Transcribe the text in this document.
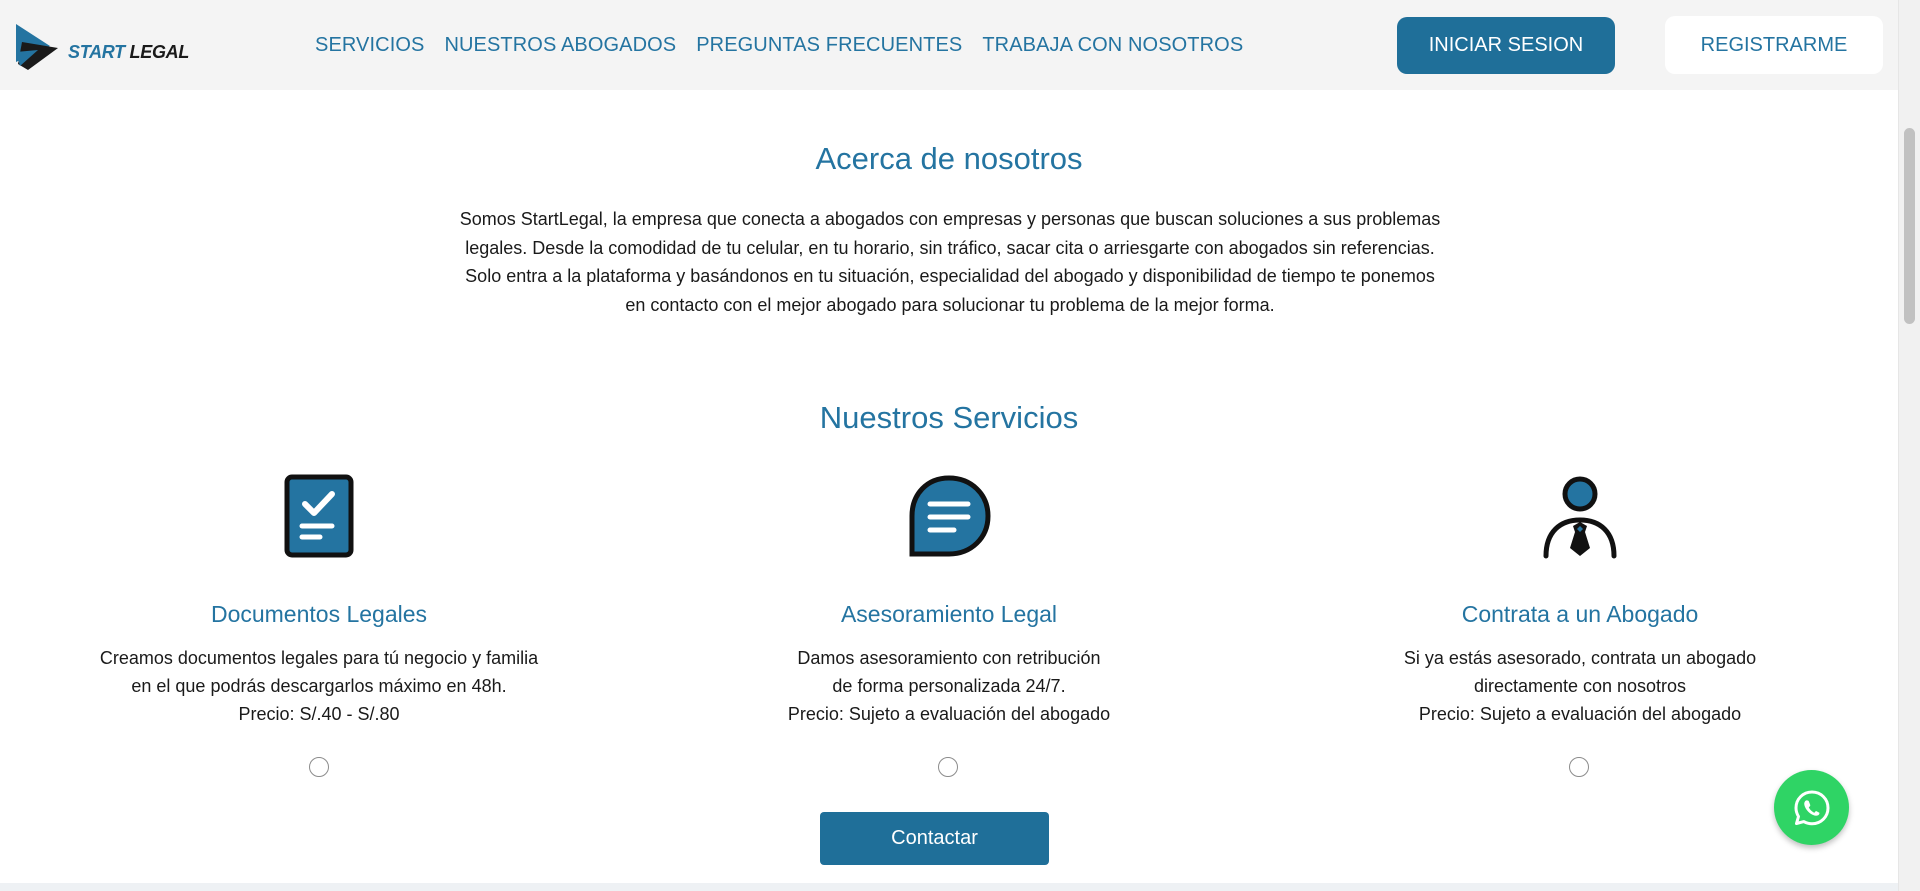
START LEGAL	SERVICIOS NUESTROS ABOGADOS PREGUNTAS FRECUENTES TRABAJA CON NOSOTROS	INICIAR SESION	REGISTRARME
Acerca de nosotros
Somos StartLegal, la empresa que conecta a abogados con empresas y personas que buscan soluciones a sus problemas
legales. Desde la comodidad de tu celular, en tu horario, sin tráfico, sacar cita o arriesgarte con abogados sin referencias.
Solo entra a la plataforma y basándonos en tu situación, especialidad del abogado y disponibilidad de tiempo te ponemos
en contacto con el mejor abogado para solucionar tu problema de la mejor forma.
Nuestros Servicios
Documentos Legales

Creamos documentos legales para tú negocio y familia
en el que podrás descargarlos máximo en 48h.
Precio: S/.40 - S/.80

Asesoramiento Legal

Damos asesoramiento con retribución
de forma personalizada 24/7.
Precio: Sujeto a evaluación del abogado

Contrata a un Abogado

Si ya estás asesorado, contrata un abogado
directamente con nosotros
Precio: Sujeto a evaluación del abogado

Contactar
